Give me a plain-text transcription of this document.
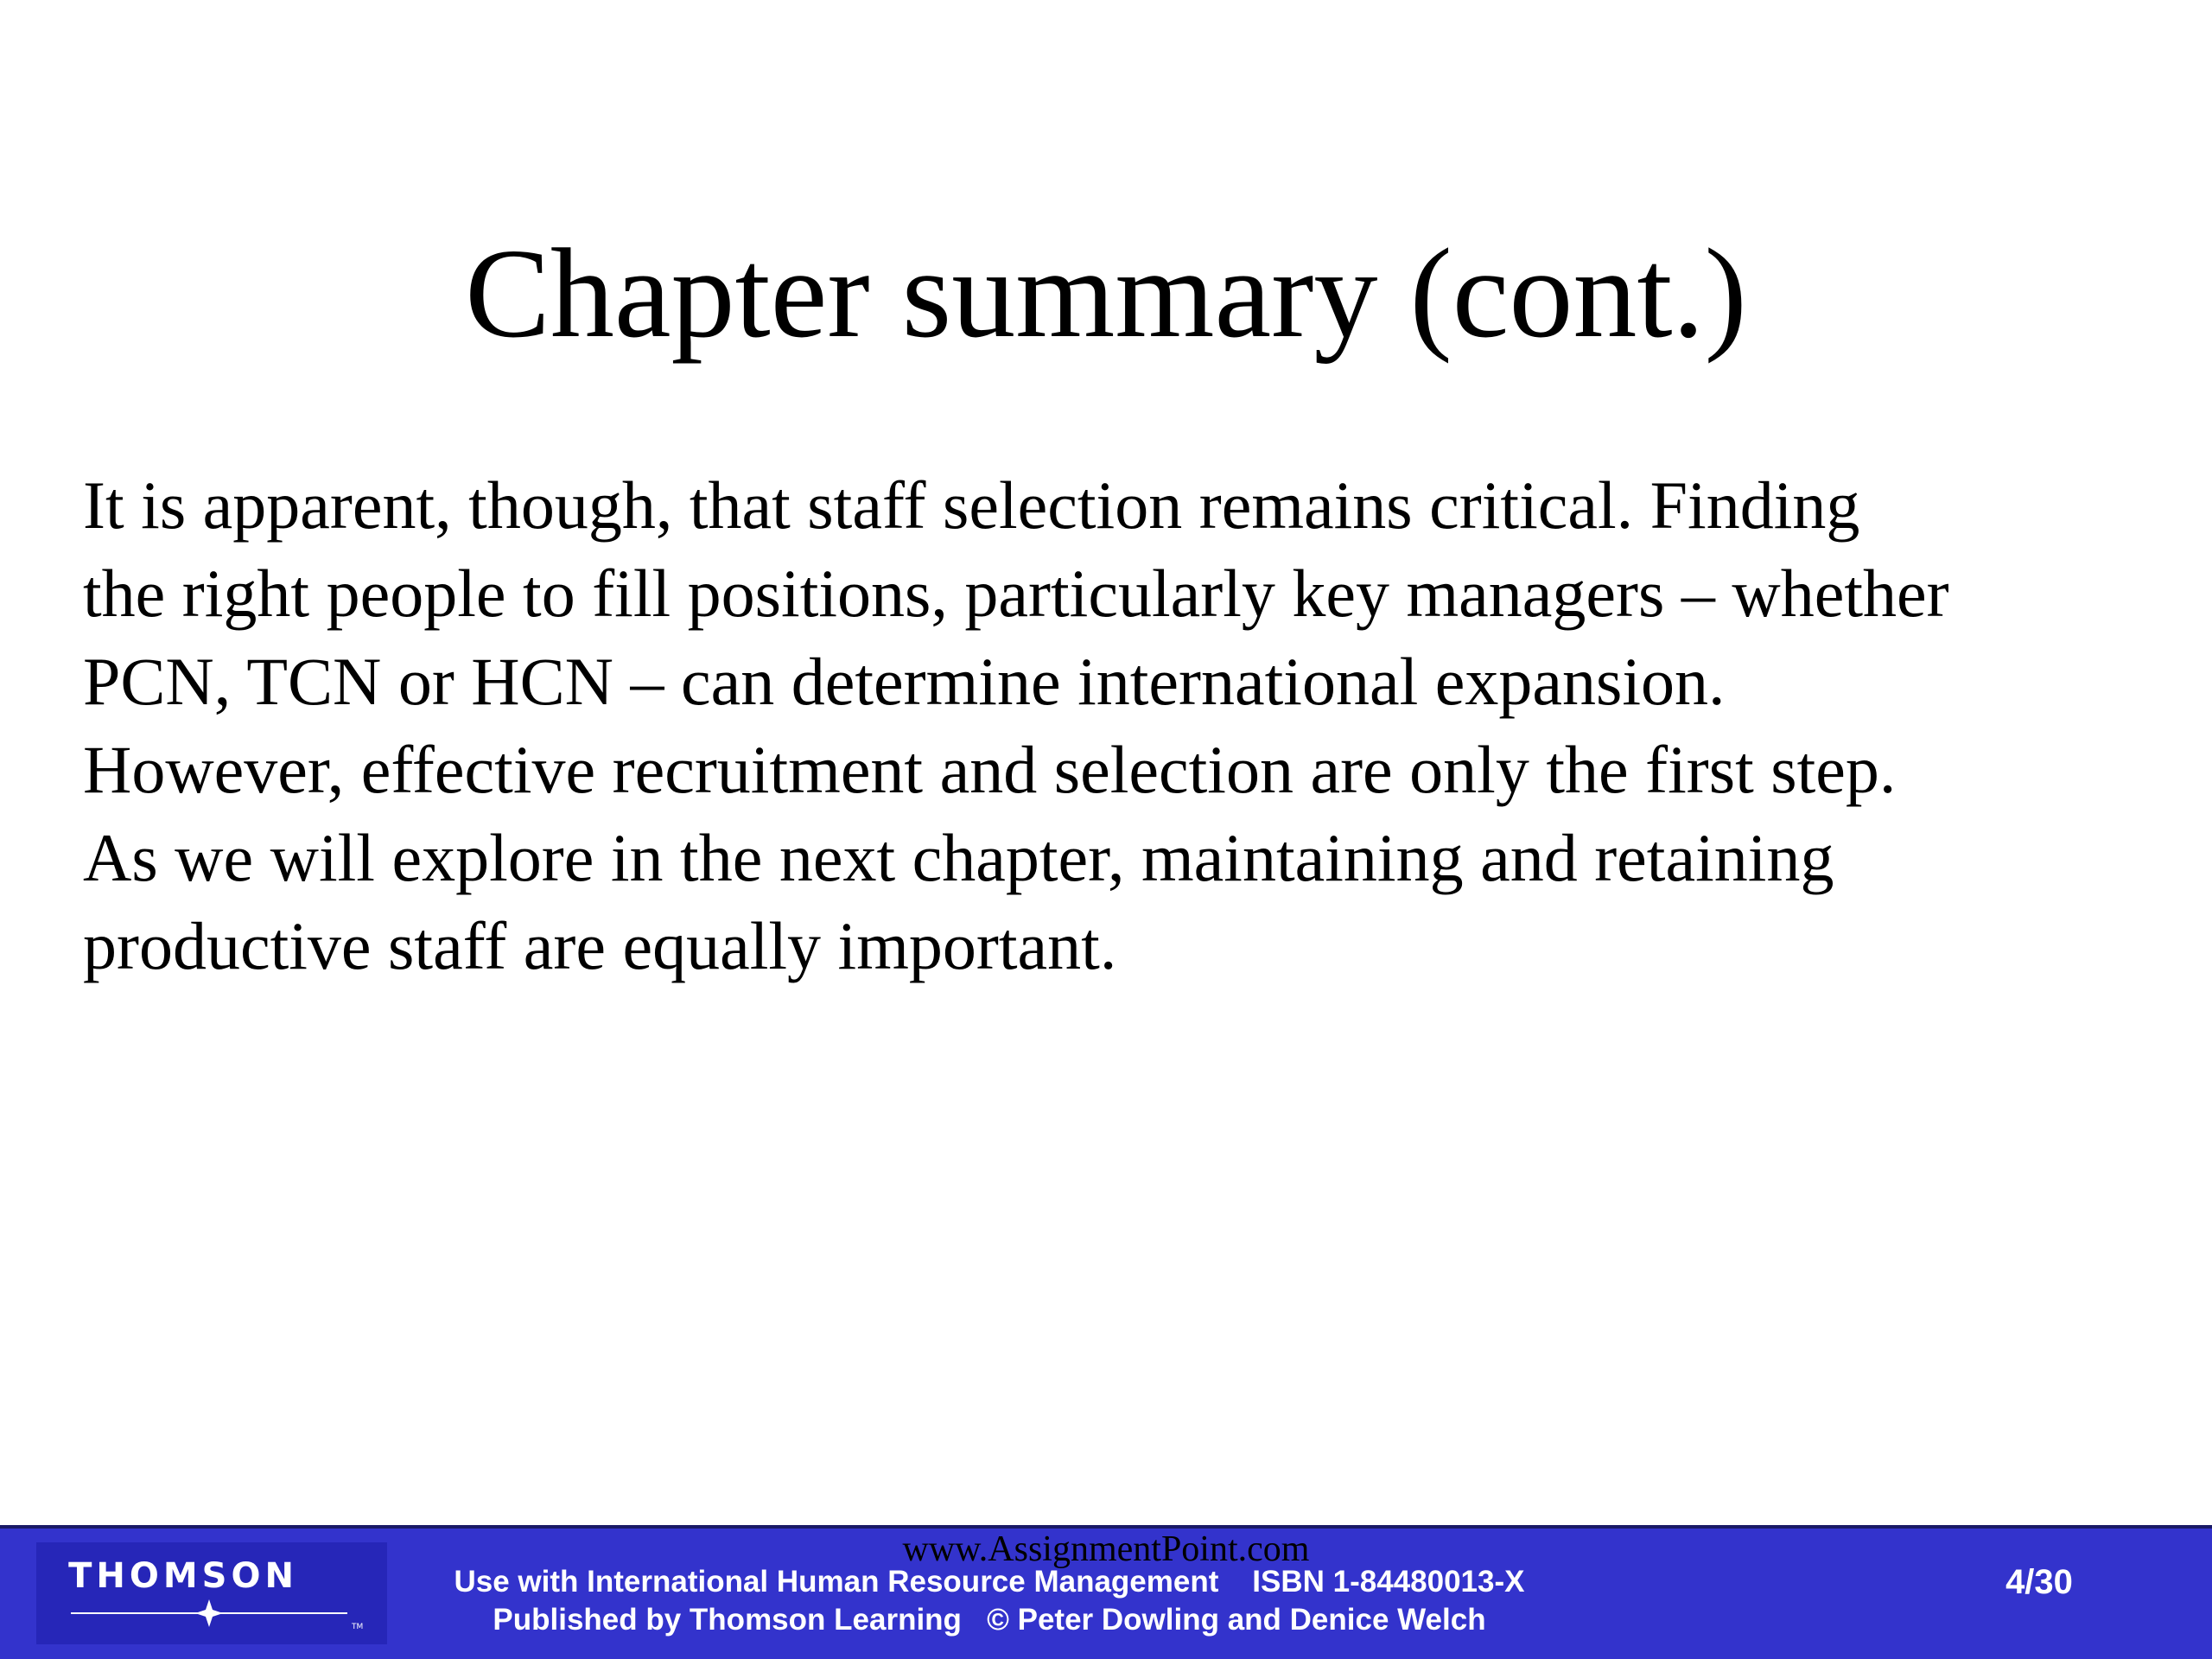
Chapter summary (cont.)
It is apparent, though, that staff selection remains critical. Finding
the right people to fill positions, particularly key managers – whether
PCN, TCN or HCN – can determine international expansion.
However, effective recruitment and selection are only the first step.
As we will explore in the next chapter, maintaining and retaining
productive staff are equally important.
THOMSON
TM
Use with International Human Resource Management    ISBN 1-84480013-X
Published by Thomson Learning   © Peter Dowling and Denice Welch
4/30
www.AssignmentPoint.com
